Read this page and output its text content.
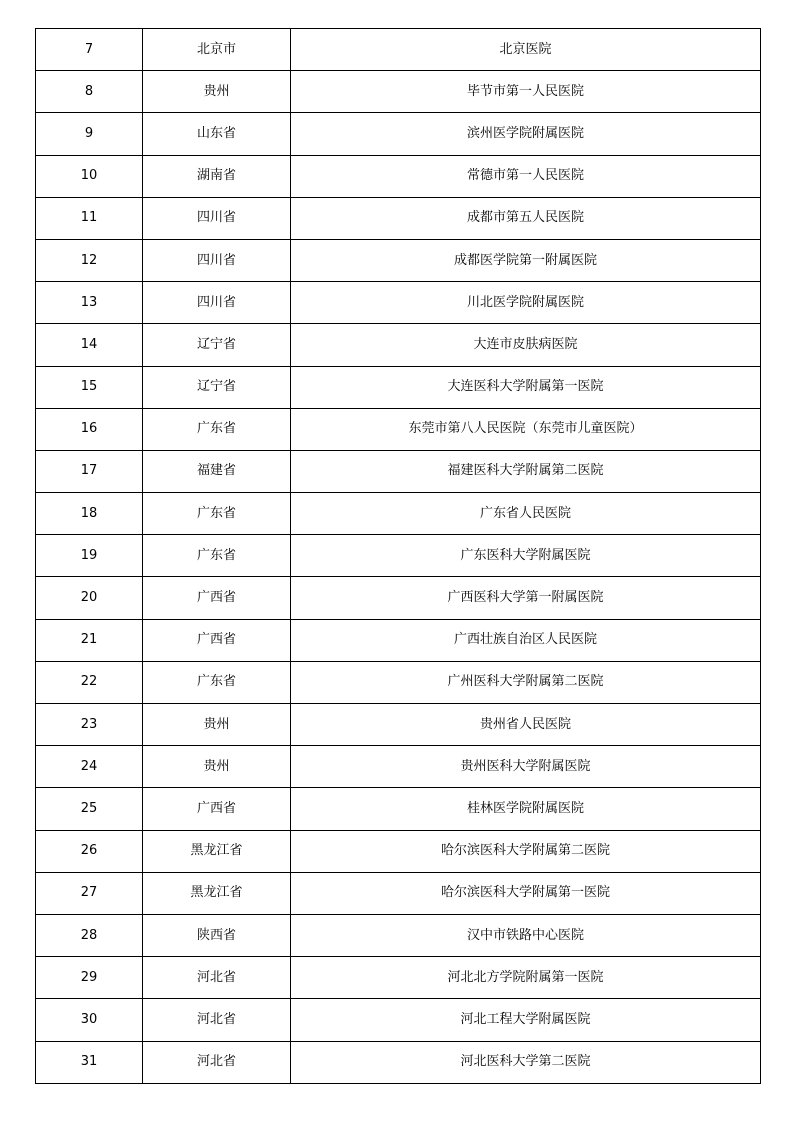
7	北京市	北京医院
8	贵州	毕节市第一人民医院
9	山东省	滨州医学院附属医院
10	湖南省	常德市第一人民医院
11	四川省	成都市第五人民医院
12	四川省	成都医学院第一附属医院
13	四川省	川北医学院附属医院
14	辽宁省	大连市皮肤病医院
15	辽宁省	大连医科大学附属第一医院
16	广东省	东莞市第八人民医院（东莞市儿童医院）
17	福建省	福建医科大学附属第二医院
18	广东省	广东省人民医院
19	广东省	广东医科大学附属医院
20	广西省	广西医科大学第一附属医院
21	广西省	广西壮族自治区人民医院
22	广东省	广州医科大学附属第二医院
23	贵州	贵州省人民医院
24	贵州	贵州医科大学附属医院
25	广西省	桂林医学院附属医院
26	黑龙江省	哈尔滨医科大学附属第二医院
27	黑龙江省	哈尔滨医科大学附属第一医院
28	陕西省	汉中市铁路中心医院
29	河北省	河北北方学院附属第一医院
30	河北省	河北工程大学附属医院
31	河北省	河北医科大学第二医院
